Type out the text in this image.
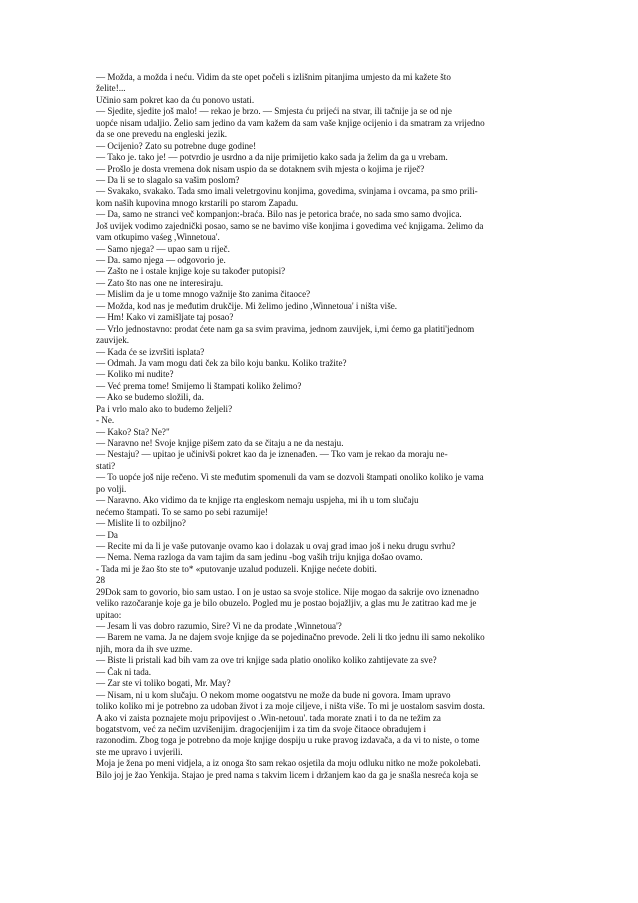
— Možda, a možda i neću. Vidim da ste opet počeli s izlišnim pitanjima umjesto da mi kažete što
želite!...
Učinio sam pokret kao da ću ponovo ustati.
— Sjedite, sjedite još malo! — rekao je brzo. — Smjesta ću prijeći na stvar, ili tačnije ja se od nje
uopće nisam udaljio. Želio sam jedino da vam kažem da sam vaše knjige ocijenio i da smatram za vrijedno
da se one prevedu na engleski jezik.
— Ocijenio? Zato su potrebne duge godine!
— Tako je. tako je! — potvrdio je usrdno a da nije primijetio kako sada ja želim da ga u vrebam.
— Prošlo je dosta vremena dok nisam uspio da se dotaknem svih mjesta o kojima je riječ?
— Da li se to slagalo sa vašim poslom?
— Svakako, svakako. Tada smo imali veletrgovinu konjima, govedima, svinjama i ovcama, pa smo prili-
kom naših kupovina mnogo krstarili po starom Zapadu.
— Da, samo ne stranci več kompanjon:-braća. Bilo nas je petorica braće, no sada smo samo dvojica.
Još uvijek vodimo zajednički posao, samo se ne bavimo više konjima i govedima već knjigama. 2elimo da
vam otkupimo vaśeg ,Winnetoua'.
— Samo njega? — upao sam u riječ.
— Da. samo njega — odgovorio je.
— Zašto ne i ostale knjige koje su također putopisi?
— Zato što nas one ne interesiraju.
— Mislim da je u tome mnogo važnije što zanima čitaoce?
— Možda, kod nas je međutim drukčije. Mi želimo jedino ,Winnetoua' i ništa više.
— Hm! Kako vi zamišljate taj posao?
— Vrlo jednostavno: prodat ćete nam ga sa svim pravima, jednom zauvijek, i,mi ćemo ga platiti'jednom
zauvijek.
— Kada će se izvršiti isplata?
— Odmah. Ja vam mogu dati ček za bilo koju banku. Koliko tražite?
— Koliko mi nudite?
— Već prema tome! Smijemo li štampati koliko želimo?
— Ako se budemo složili, da.
Pa i vrlo malo ako to budemo željeli?
- Ne.
— Kako? Sta? Ne?"
— Naravno ne! Svoje knjige pišem zato da se čitaju a ne da nestaju.
— Nestaju? — upitao je učinivši pokret kao da je iznenađen. — Tko vam je rekao da moraju ne-
stati?
— To uopće još nije rečeno. Vi ste međutim spomenuli da vam se dozvoli štampati onoliko koliko je vama
po volji.
— Naravno. Ako vidimo da te knjige rta engleskom nemaju uspjeha, mi ih u tom slučaju
nećemo štampati. To se samo po sebi razumije!
— Mislite li to ozbiljno?
— Da
— Recite mi da li je vaše putovanje ovamo kao i dolazak u ovaj grad imao još i neku drugu svrhu?
— Nema. Nema razloga da vam tajim da sam jedinu -bog vaših triju knjiga došao ovamo.
- Tada mi je žao što ste to* «putovanje uzalud poduzeli. Knjige nećete dobiti.
28
29Dok sam to govorio, bio sam ustao. I on je ustao sa svoje stolice. Nije mogao da sakrije ovo iznenadno
veliko razočaranje koje ga je bilo obuzelo. Pogled mu je postao bojažljiv, a glas mu Je zatitrao kad me je
upitao:
— Jesam li vas dobro razumio, Sire? Vi ne da prodate ,Winnetoua'?
— Barem ne vama. Ja ne dajem svoje knjige da se pojedinačno prevode. 2eli li tko jednu ili samo nekoliko
njih, mora da ih sve uzme.
— Biste li pristali kad bih vam za ove tri knjige sada platio onoliko koliko zahtijevate za sve?
— Čak ni tada.
— Zar ste vi toliko bogati, Mr. May?
— Nisam, ni u kom slučaju. O nekom mome oogatstvu ne može da bude ni govora. Imam upravo
toliko koliko mi je potrebno za udoban život i za moje ciljeve, i ništa više. To mi je uostalom sasvim dosta.
A ako vi zaista poznajete moju pripovijest o .Win-netouu'. tada morate znati i to da ne težim za
bogatstvom, već za nečim uzvišenijim. dragocjenijim i za tim da svoje čitaoce obradujem i
razonodim. Zbog toga je potrebno da moje knjige dospiju u ruke pravog izdavača, a da vi to niste, o tome
ste me upravo i uvjerili.
Moja je žena po meni vidjela, a iz onoga što sam rekao osjetila da moju odluku nitko ne može pokolebati.
Bilo joj je žao Yenkija. Stajao je pred nama s takvim licem i držanjem kao da ga je snašla nesreća koja se
